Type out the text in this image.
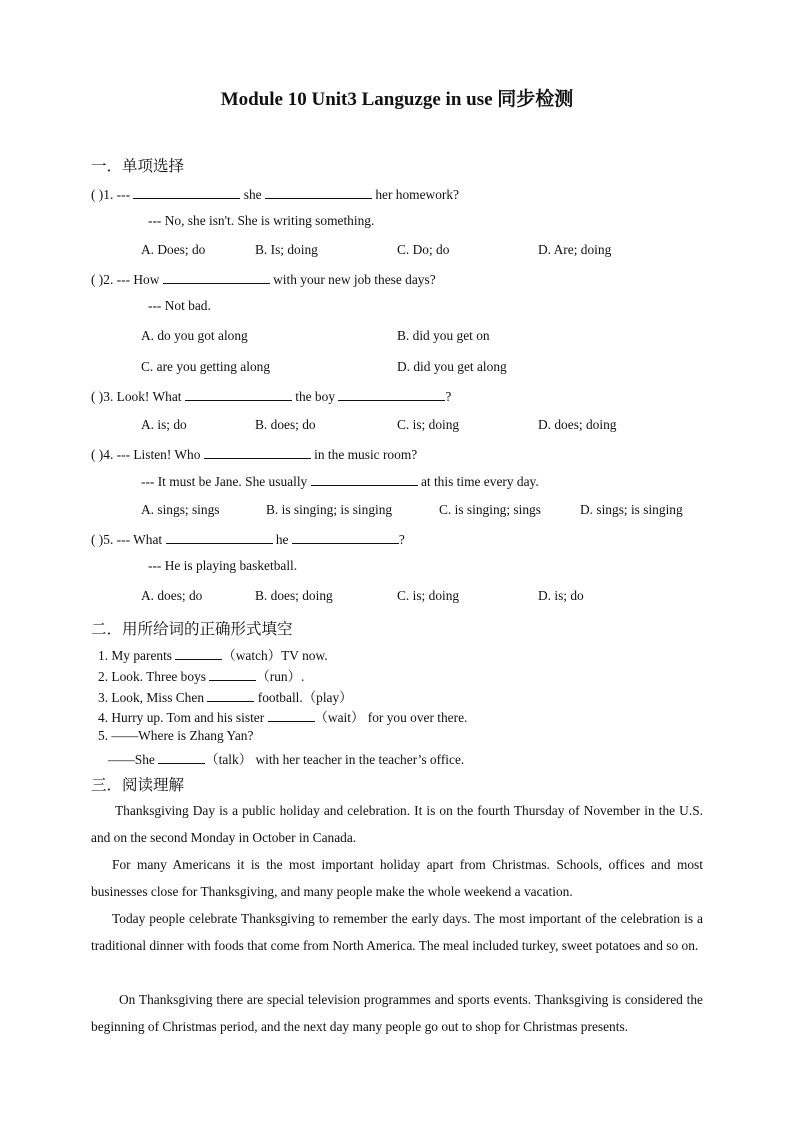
Module 10 Unit3 Languzge in use 同步检测
一．单项选择
( )1. ---	she	her homework?
--- No, she isn't. She is writing something.
A. Does; do	B. Is; doing	C. Do; do	D. Are; doing
( )2. --- How	with your new job these days?
--- Not bad.
A. do you got along	B. did you get on
C. are you getting along	D. did you get along
( )3. Look! What	the boy	?
A. is; do	B. does; do	C. is; doing	D. does; doing
( )4. --- Listen! Who	in the music room?
--- It must be Jane. She usually	at this time every day.
A. sings; sings	B. is singing; is singing	C. is singing; sings	D. sings; is singing
( )5. --- What	he	?
--- He is playing basketball.
A. does; do	B. does; doing	C. is; doing	D. is; do
二．用所给词的正确形式填空
1. My parents	（watch）TV now.
2. Look. Three boys	（run）.
3. Look, Miss Chen	football.（play）
4. Hurry up. Tom and his sister	（wait） for you over there.
5. ——Where is Zhang Yan?
——She	（talk） with her teacher in the teacher’s office.
三．阅读理解
Thanksgiving Day is a public holiday and celebration. It is on the fourth Thursday of November in the U.S. and on the second Monday in October in Canada.
For many Americans it is the most important holiday apart from Christmas. Schools, offices and most businesses close for Thanksgiving, and many people make the whole weekend a vacation.
Today people celebrate Thanksgiving to remember the early days. The most important of the celebration is a traditional dinner with foods that come from North America. The meal included turkey, sweet potatoes and so on.
On Thanksgiving there are special television programmes and sports events. Thanksgiving is considered the beginning of Christmas period, and the next day many people go out to shop for Christmas presents.
